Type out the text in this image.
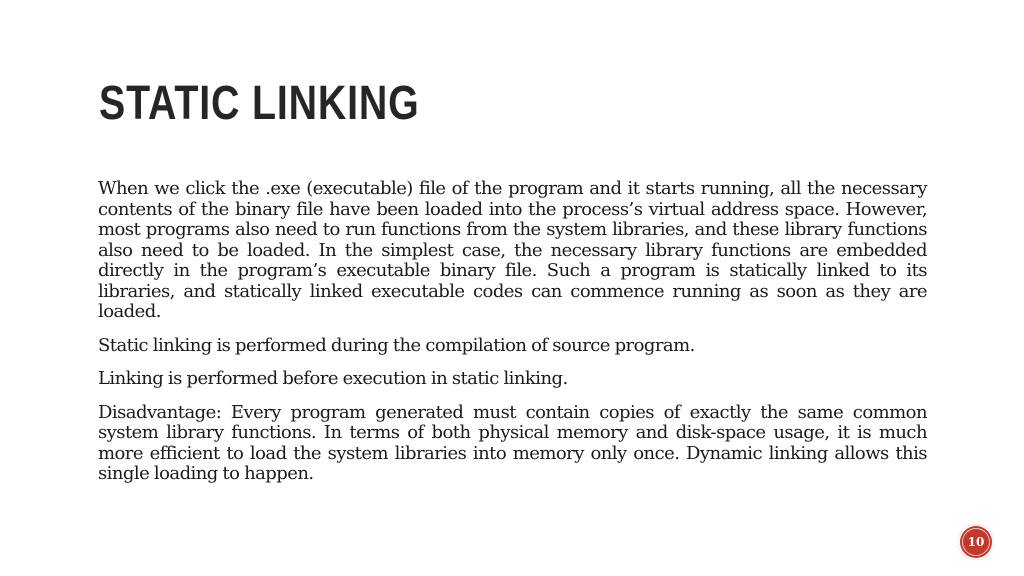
STATIC LINKING

When we click the .exe (executable) file of the program and it starts running, all the necessary contents of the binary file have been loaded into the process’s virtual address space. However, most programs also need to run functions from the system libraries, and these library functions also need to be loaded. In the simplest case, the necessary library functions are embedded directly in the program’s executable binary file. Such a program is statically linked to its libraries, and statically linked executable codes can commence running as soon as they are loaded.

Static linking is performed during the compilation of source program.

Linking is performed before execution in static linking.

Disadvantage: Every program generated must contain copies of exactly the same common system library functions. In terms of both physical memory and disk-space usage, it is much more efficient to load the system libraries into memory only once. Dynamic linking allows this single loading to happen.

10
